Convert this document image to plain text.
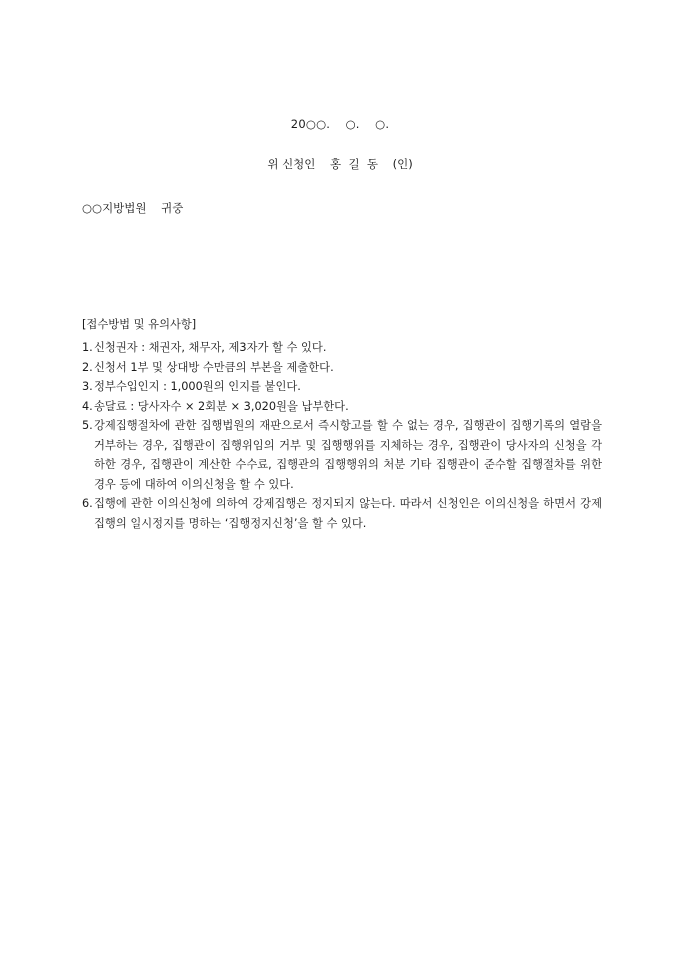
20○○.    ○.    ○.
위 신청인    홍  길  동    (인)
○○지방법원    귀중
[접수방법 및 유의사항]
1. 신청권자 : 채권자, 채무자, 제3자가 할 수 있다.
2. 신청서 1부 및 상대방 수만큼의 부본을 제출한다.
3. 정부수입인지 : 1,000원의 인지를 붙인다.
4. 송달료 : 당사자수 × 2회분 × 3,020원을 납부한다.
5. 강제집행절차에 관한 집행법원의 재판으로서 즉시항고를 할 수 없는 경우, 집행관이 집행기록의 열람을 거부하는 경우, 집행관이 집행위임의 거부 및 집행행위를 지체하는 경우, 집행관이 당사자의 신청을 각하한 경우, 집행관이 계산한 수수료, 집행관의 집행행위의 처분 기타 집행관이 준수할 집행절차를 위한 경우 등에 대하여 이의신청을 할 수 있다.
6. 집행에 관한 이의신청에 의하여 강제집행은 정지되지 않는다. 따라서 신청인은 이의신청을 하면서 강제집행의 일시정지를 명하는 ‘집행정지신청’을 할 수 있다.
